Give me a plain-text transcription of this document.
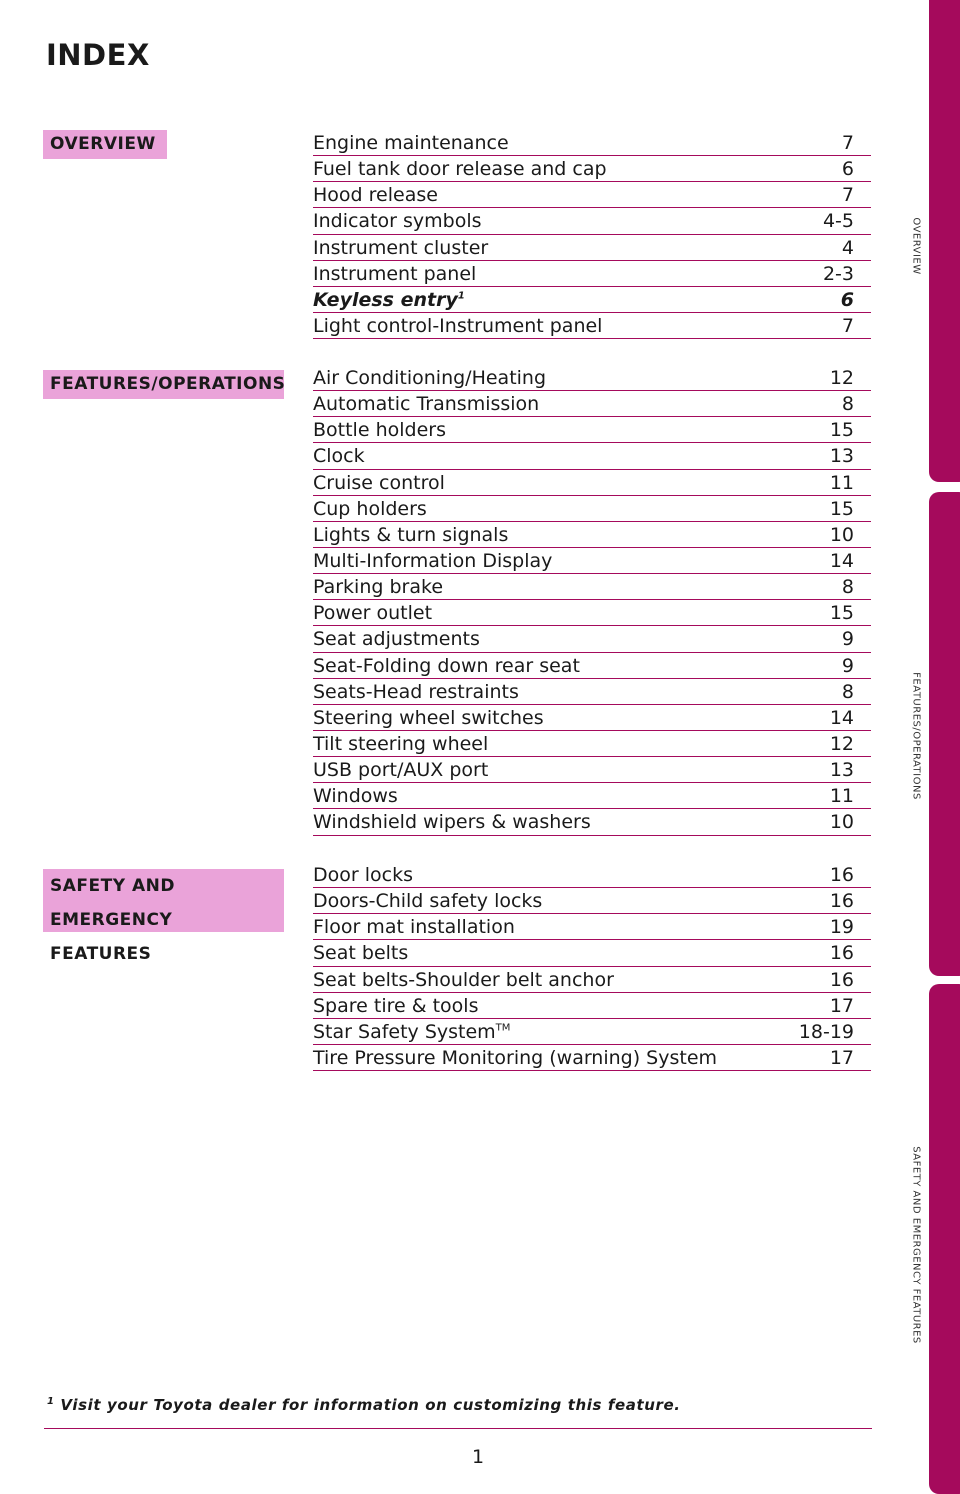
INDEX
OVERVIEW
FEATURES/OPERATIONS
SAFETY AND
EMERGENCY FEATURES
Engine maintenance	7
Fuel tank door release and cap	6
Hood release	7
Indicator symbols	4-5
Instrument cluster	4
Instrument panel	2-3
Keyless entry$^1$	6
Light control-Instrument panel	7
Air Conditioning/Heating	12
Automatic Transmission	8
Bottle holders	15
Clock	13
Cruise control	11
Cup holders	15
Lights & turn signals	10
Multi-Information Display	14
Parking brake	8
Power outlet	15
Seat adjustments	9
Seat-Folding down rear seat	9
Seats-Head restraints	8
Steering wheel switches	14
Tilt steering wheel	12
USB port/AUX port	13
Windows	11
Windshield wipers & washers	10
Door locks	16
Doors-Child safety locks	16
Floor mat installation	19
Seat belts	16
Seat belts-Shoulder belt anchor	16
Spare tire & tools	17
Star Safety System™	18-19
Tire Pressure Monitoring (warning) System	17

$^1$ Visit your Toyota dealer for information on customizing this feature.

1
OVERVIEW
FEATURES/OPERATIONS
SAFETY AND EMERGENCY FEATURES
